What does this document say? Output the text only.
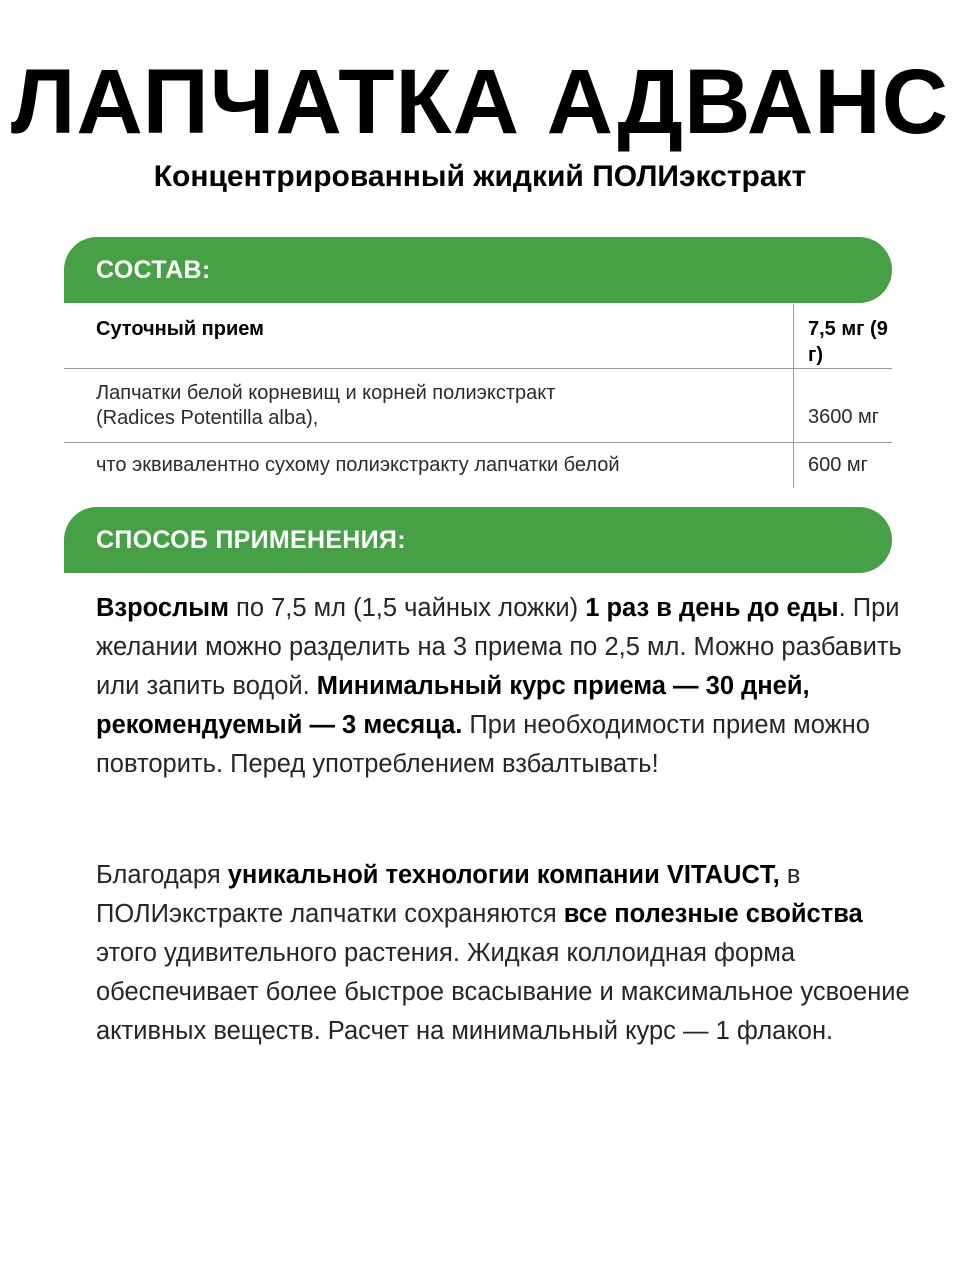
ЛАПЧАТКА АДВАНС
Концентрированный жидкий ПОЛИэкстракт
СОСТАВ:
Суточный прием	7,5 мг (9 г)

Лапчатки белой корневищ и корней полиэкстракт
(Radices Potentilla alba),	3600 мг

что эквивалентно сухому полиэкстракту лапчатки белой	600 мг
СПОСОБ ПРИМЕНЕНИЯ:

Взрослым по 7,5 мл (1,5 чайных ложки) 1 раз в день до еды. При желании можно разделить на 3 приема по 2,5 мл. Можно разбавить или запить водой. Минимальный курс приема — 30 дней, рекомендуемый — 3 месяца. При необходимости прием можно повторить. Перед употреблением взбалтывать!

Благодаря уникальной технологии компании VITAUCT, в ПОЛИэкстракте лапчатки сохраняются все полезные свойства этого удивительного растения. Жидкая коллоидная форма обеспечивает более быстрое всасывание и максимальное усвоение активных веществ. Расчет на минимальный курс — 1 флакон.
